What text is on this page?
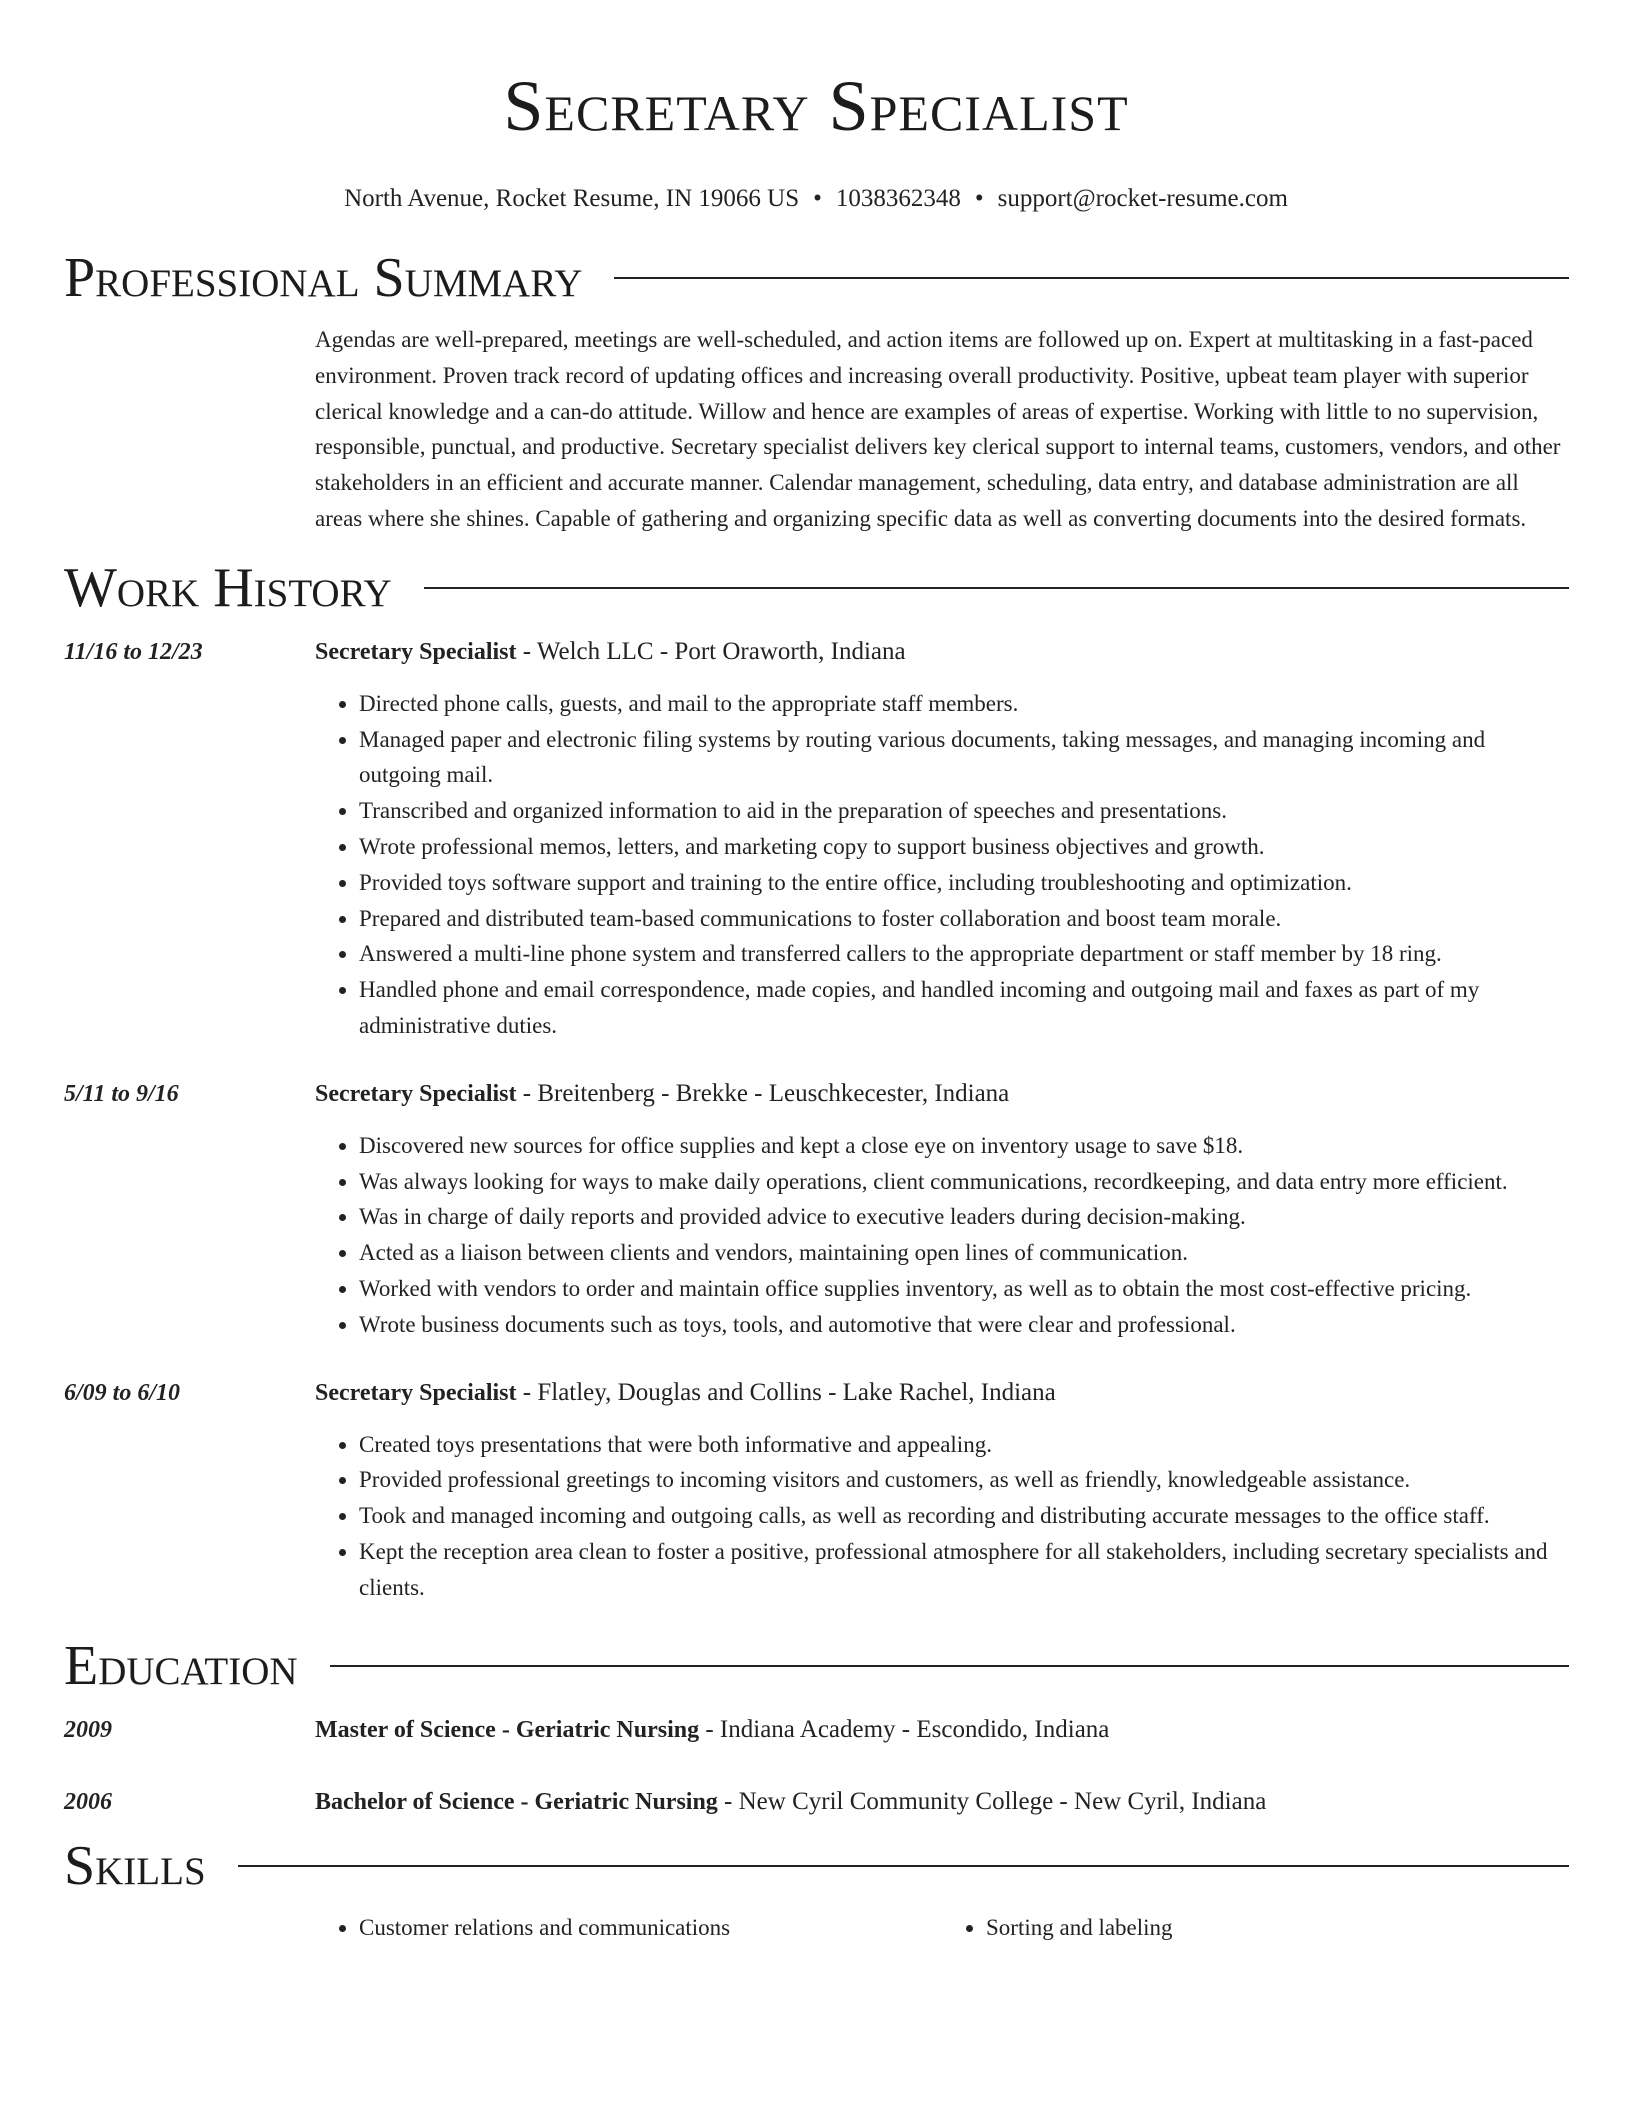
Secretary Specialist
North Avenue, Rocket Resume, IN 19066 US • 1038362348 • support@rocket-resume.com
Professional Summary

Agendas are well-prepared, meetings are well-scheduled, and action items are followed up on. Expert at multitasking in a fast-paced environment. Proven track record of updating offices and increasing overall productivity. Positive, upbeat team player with superior clerical knowledge and a can-do attitude. Willow and hence are examples of areas of expertise. Working with little to no supervision, responsible, punctual, and productive. Secretary specialist delivers key clerical support to internal teams, customers, vendors, and other stakeholders in an efficient and accurate manner. Calendar management, scheduling, data entry, and database administration are all areas where she shines. Capable of gathering and organizing specific data as well as converting documents into the desired formats.

Work History
11/16 to 12/23	Secretary Specialist - Welch LLC - Port Oraworth, Indiana
• Directed phone calls, guests, and mail to the appropriate staff members.
• Managed paper and electronic filing systems by routing various documents, taking messages, and managing incoming and outgoing mail.
• Transcribed and organized information to aid in the preparation of speeches and presentations.
• Wrote professional memos, letters, and marketing copy to support business objectives and growth.
• Provided toys software support and training to the entire office, including troubleshooting and optimization.
• Prepared and distributed team-based communications to foster collaboration and boost team morale.
• Answered a multi-line phone system and transferred callers to the appropriate department or staff member by 18 ring.
• Handled phone and email correspondence, made copies, and handled incoming and outgoing mail and faxes as part of my administrative duties.
5/11 to 9/16	Secretary Specialist - Breitenberg - Brekke - Leuschkecester, Indiana
• Discovered new sources for office supplies and kept a close eye on inventory usage to save $18.
• Was always looking for ways to make daily operations, client communications, recordkeeping, and data entry more efficient.
• Was in charge of daily reports and provided advice to executive leaders during decision-making.
• Acted as a liaison between clients and vendors, maintaining open lines of communication.
• Worked with vendors to order and maintain office supplies inventory, as well as to obtain the most cost-effective pricing.
• Wrote business documents such as toys, tools, and automotive that were clear and professional.
6/09 to 6/10	Secretary Specialist - Flatley, Douglas and Collins - Lake Rachel, Indiana
• Created toys presentations that were both informative and appealing.
• Provided professional greetings to incoming visitors and customers, as well as friendly, knowledgeable assistance.
• Took and managed incoming and outgoing calls, as well as recording and distributing accurate messages to the office staff.
• Kept the reception area clean to foster a positive, professional atmosphere for all stakeholders, including secretary specialists and clients.
Education
2009	Master of Science - Geriatric Nursing - Indiana Academy - Escondido, Indiana
2006	Bachelor of Science - Geriatric Nursing - New Cyril Community College - New Cyril, Indiana
Skills
• Customer relations and communications
•	Sorting and labeling
